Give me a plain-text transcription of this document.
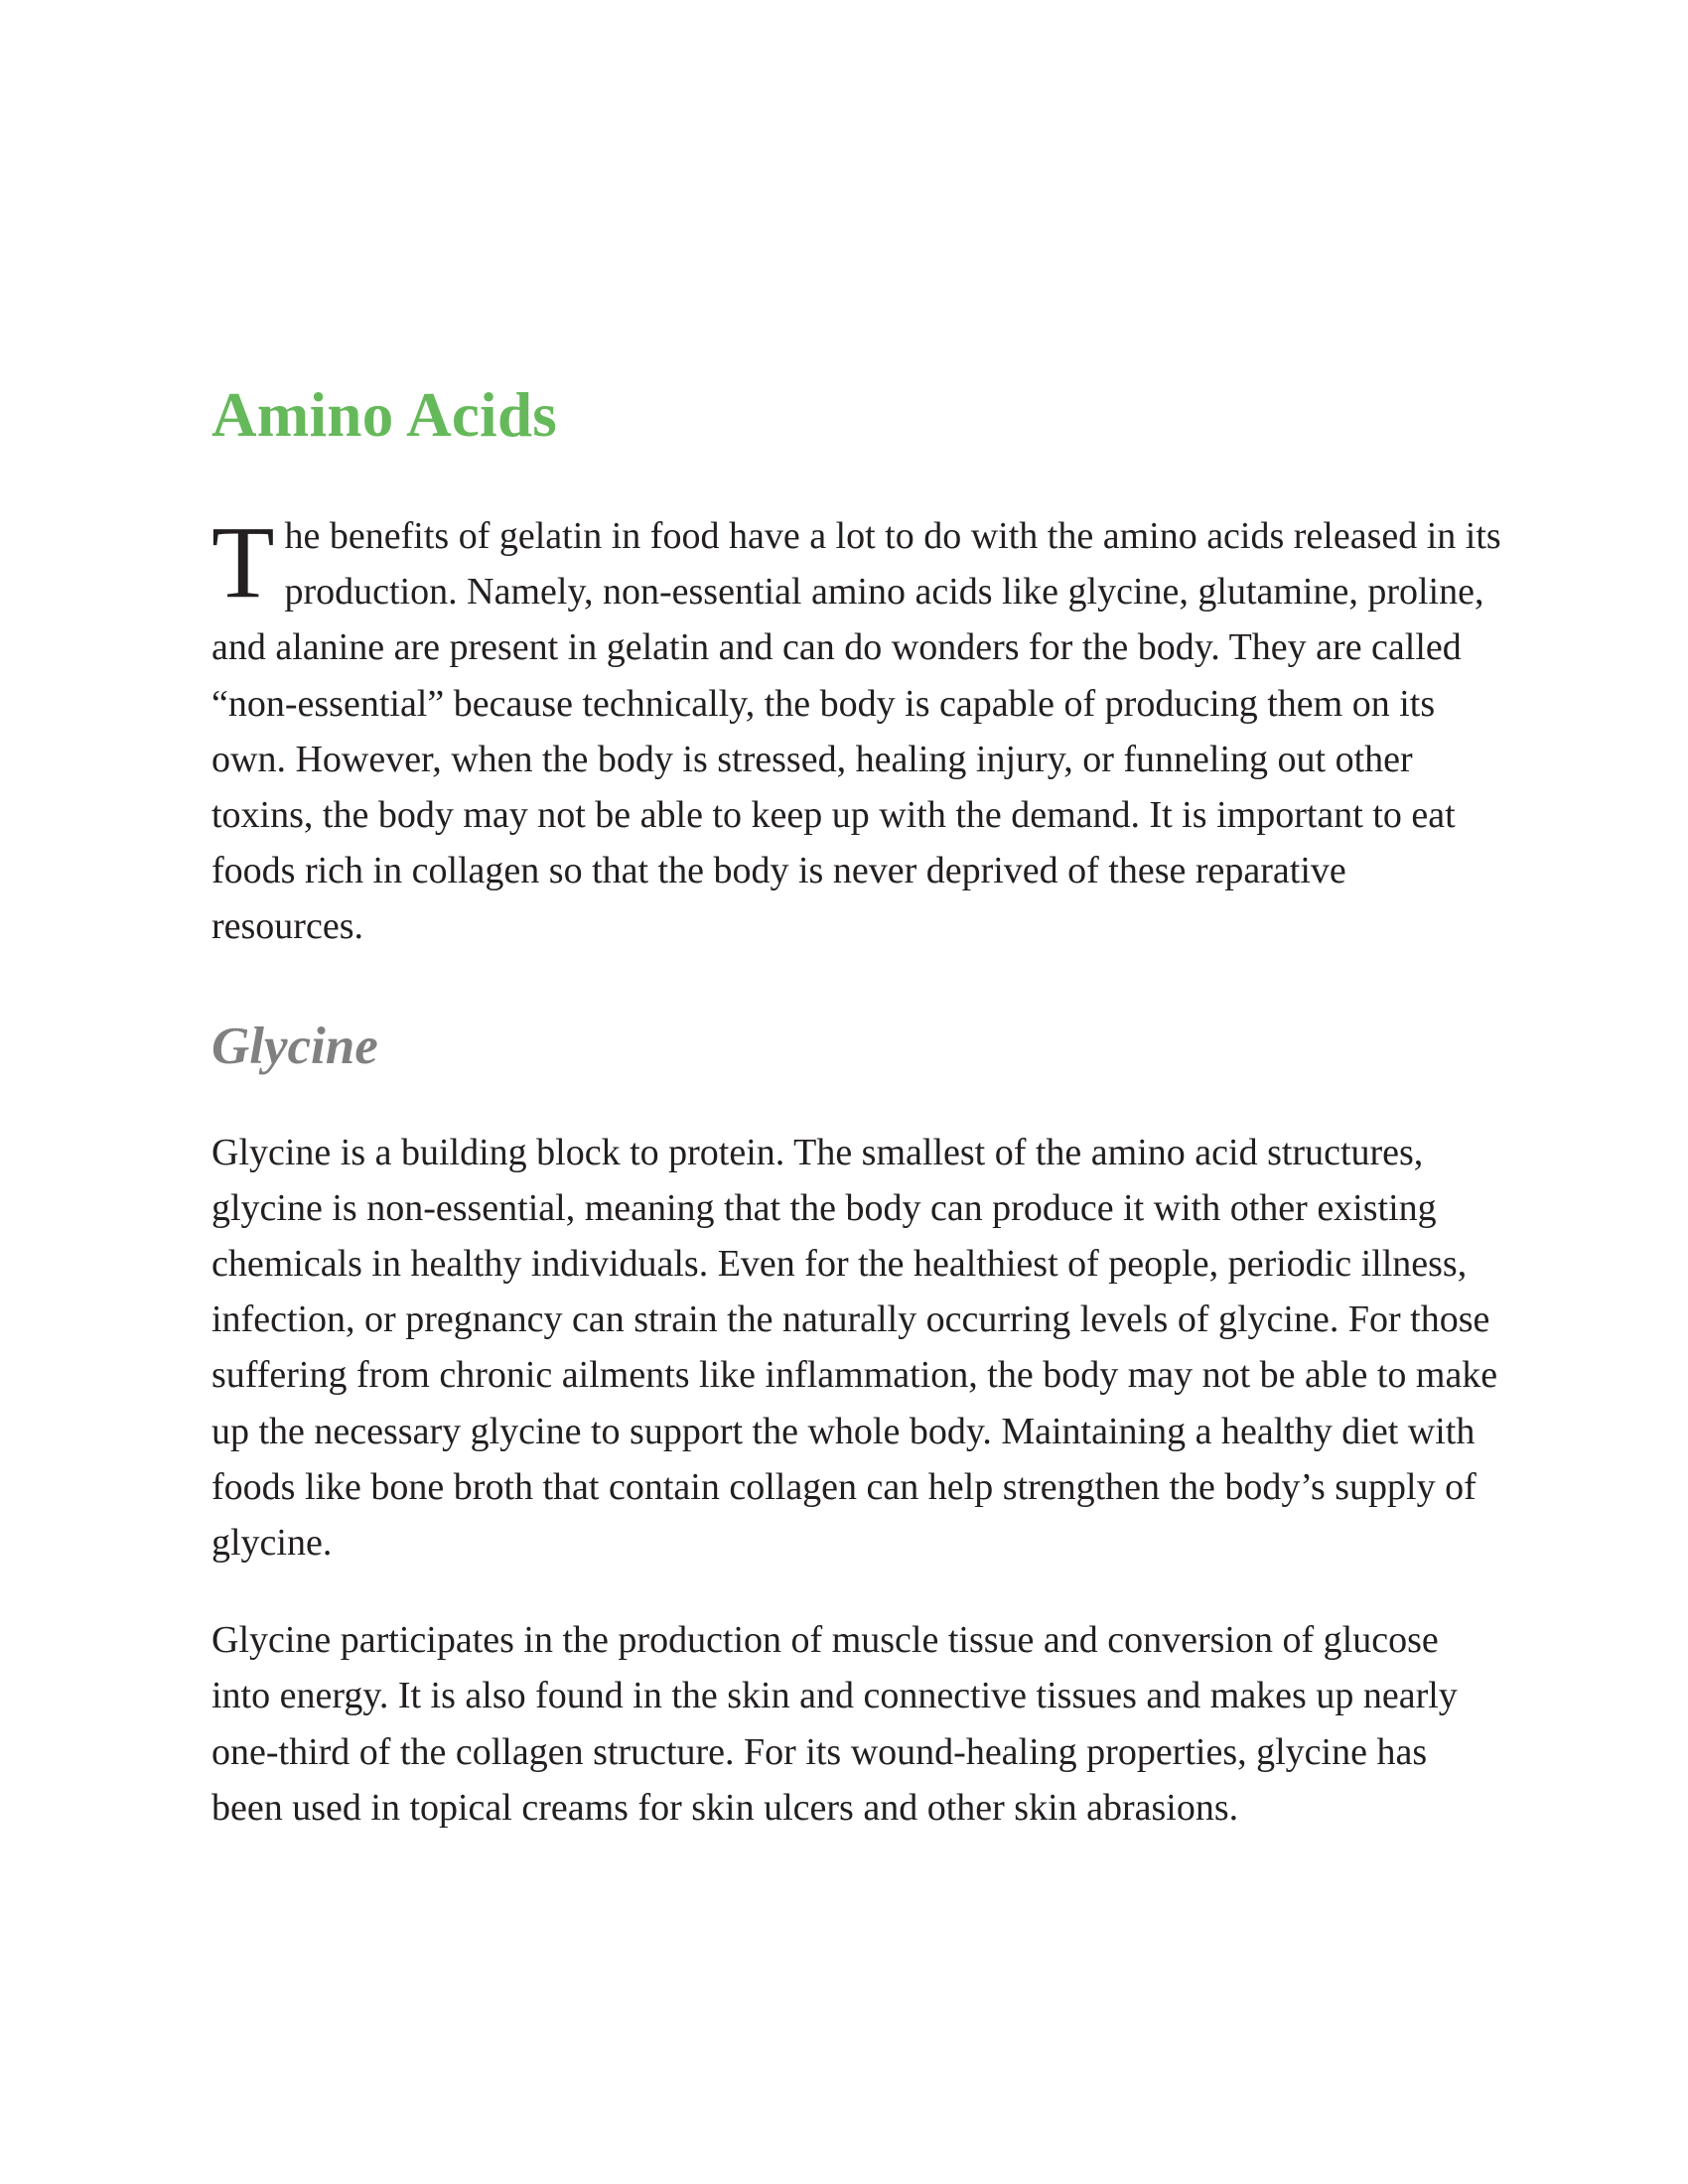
Amino Acids

The benefits of gelatin in food have a lot to do with the amino acids released in its production. Namely, non-essential amino acids like glycine, glutamine, proline, and alanine are present in gelatin and can do wonders for the body. They are called “non-essential” because technically, the body is capable of producing them on its own. However, when the body is stressed, healing injury, or funneling out other toxins, the body may not be able to keep up with the demand. It is important to eat foods rich in collagen so that the body is never deprived of these reparative resources.

Glycine

Glycine is a building block to protein. The smallest of the amino acid structures, glycine is non-essential, meaning that the body can produce it with other existing chemicals in healthy individuals. Even for the healthiest of people, periodic illness, infection, or pregnancy can strain the naturally occurring levels of glycine. For those suffering from chronic ailments like inflammation, the body may not be able to make up the necessary glycine to support the whole body. Maintaining a healthy diet with foods like bone broth that contain collagen can help strengthen the body’s supply of glycine.

Glycine participates in the production of muscle tissue and conversion of glucose into energy. It is also found in the skin and connective tissues and makes up nearly one-third of the collagen structure. For its wound-healing properties, glycine has been used in topical creams for skin ulcers and other skin abrasions.
